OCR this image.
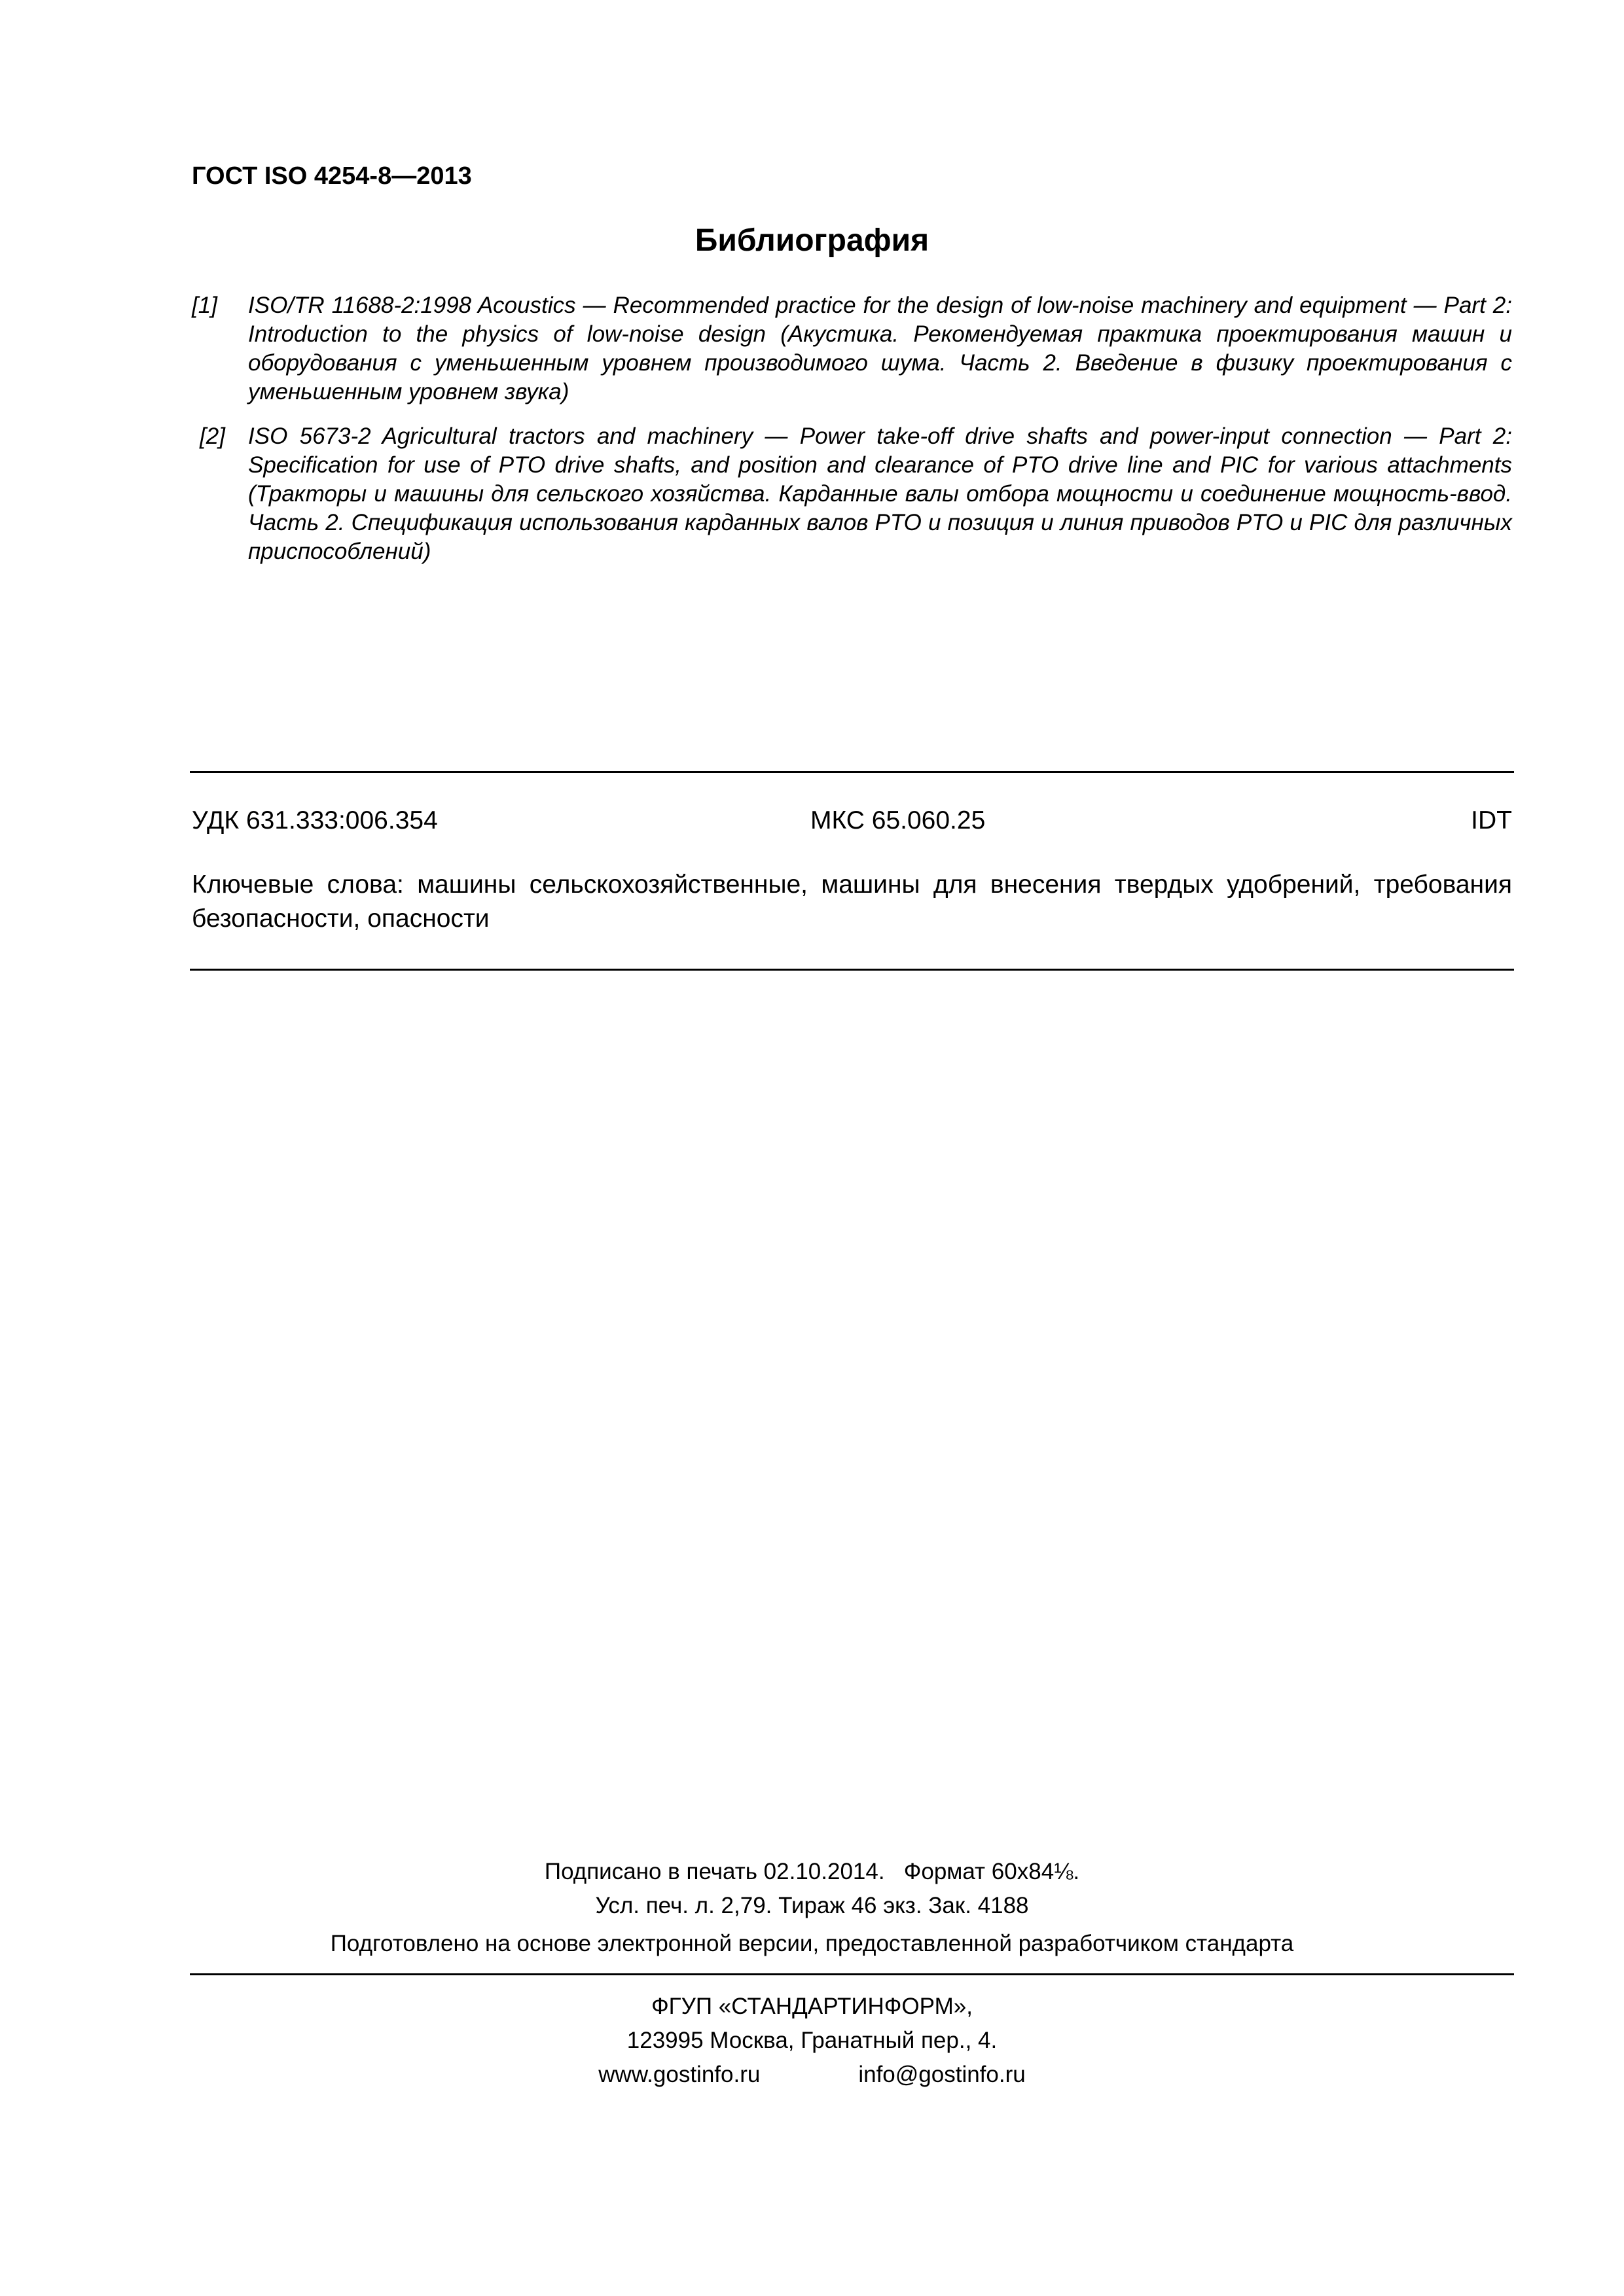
ГОСТ ISO 4254-8—2013
Библиография
[1]	ISO/TR 11688-2:1998 Acoustics — Recommended practice for the design of low-noise machinery and equipment — Part 2: Introduction to the physics of low-noise design (Акустика. Рекомендуемая практика проектирования машин и оборудования с уменьшенным уровнем производимого шума. Часть 2. Введение в физику проектирования с уменьшенным уровнем звука)
[2]	ISO 5673-2 Agricultural tractors and machinery — Power take-off drive shafts and power-input connection — Part 2: Specification for use of PTO drive shafts, and position and clearance of PTO drive line and PIC for various attachments (Тракторы и машины для сельского хозяйства. Карданные валы отбора мощности и соединение мощность-ввод. Часть 2. Спецификация использования карданных валов PTO и позиция и линия приводов PTO и PIC для различных приспособлений)
УДК 631.333:006.354	МКС 65.060.25	IDT
Ключевые слова: машины сельскохозяйственные, машины для внесения твердых удобрений, требования безопасности, опасности
Подписано в печать 02.10.2014.   Формат 60x84⅛.
Усл. печ. л. 2,79. Тираж 46 экз. Зак. 4188
Подготовлено на основе электронной версии, предоставленной разработчиком стандарта
ФГУП «СТАНДАРТИНФОРМ»,
123995 Москва, Гранатный пер., 4.
www.gostinfo.ru	info@gostinfo.ru
